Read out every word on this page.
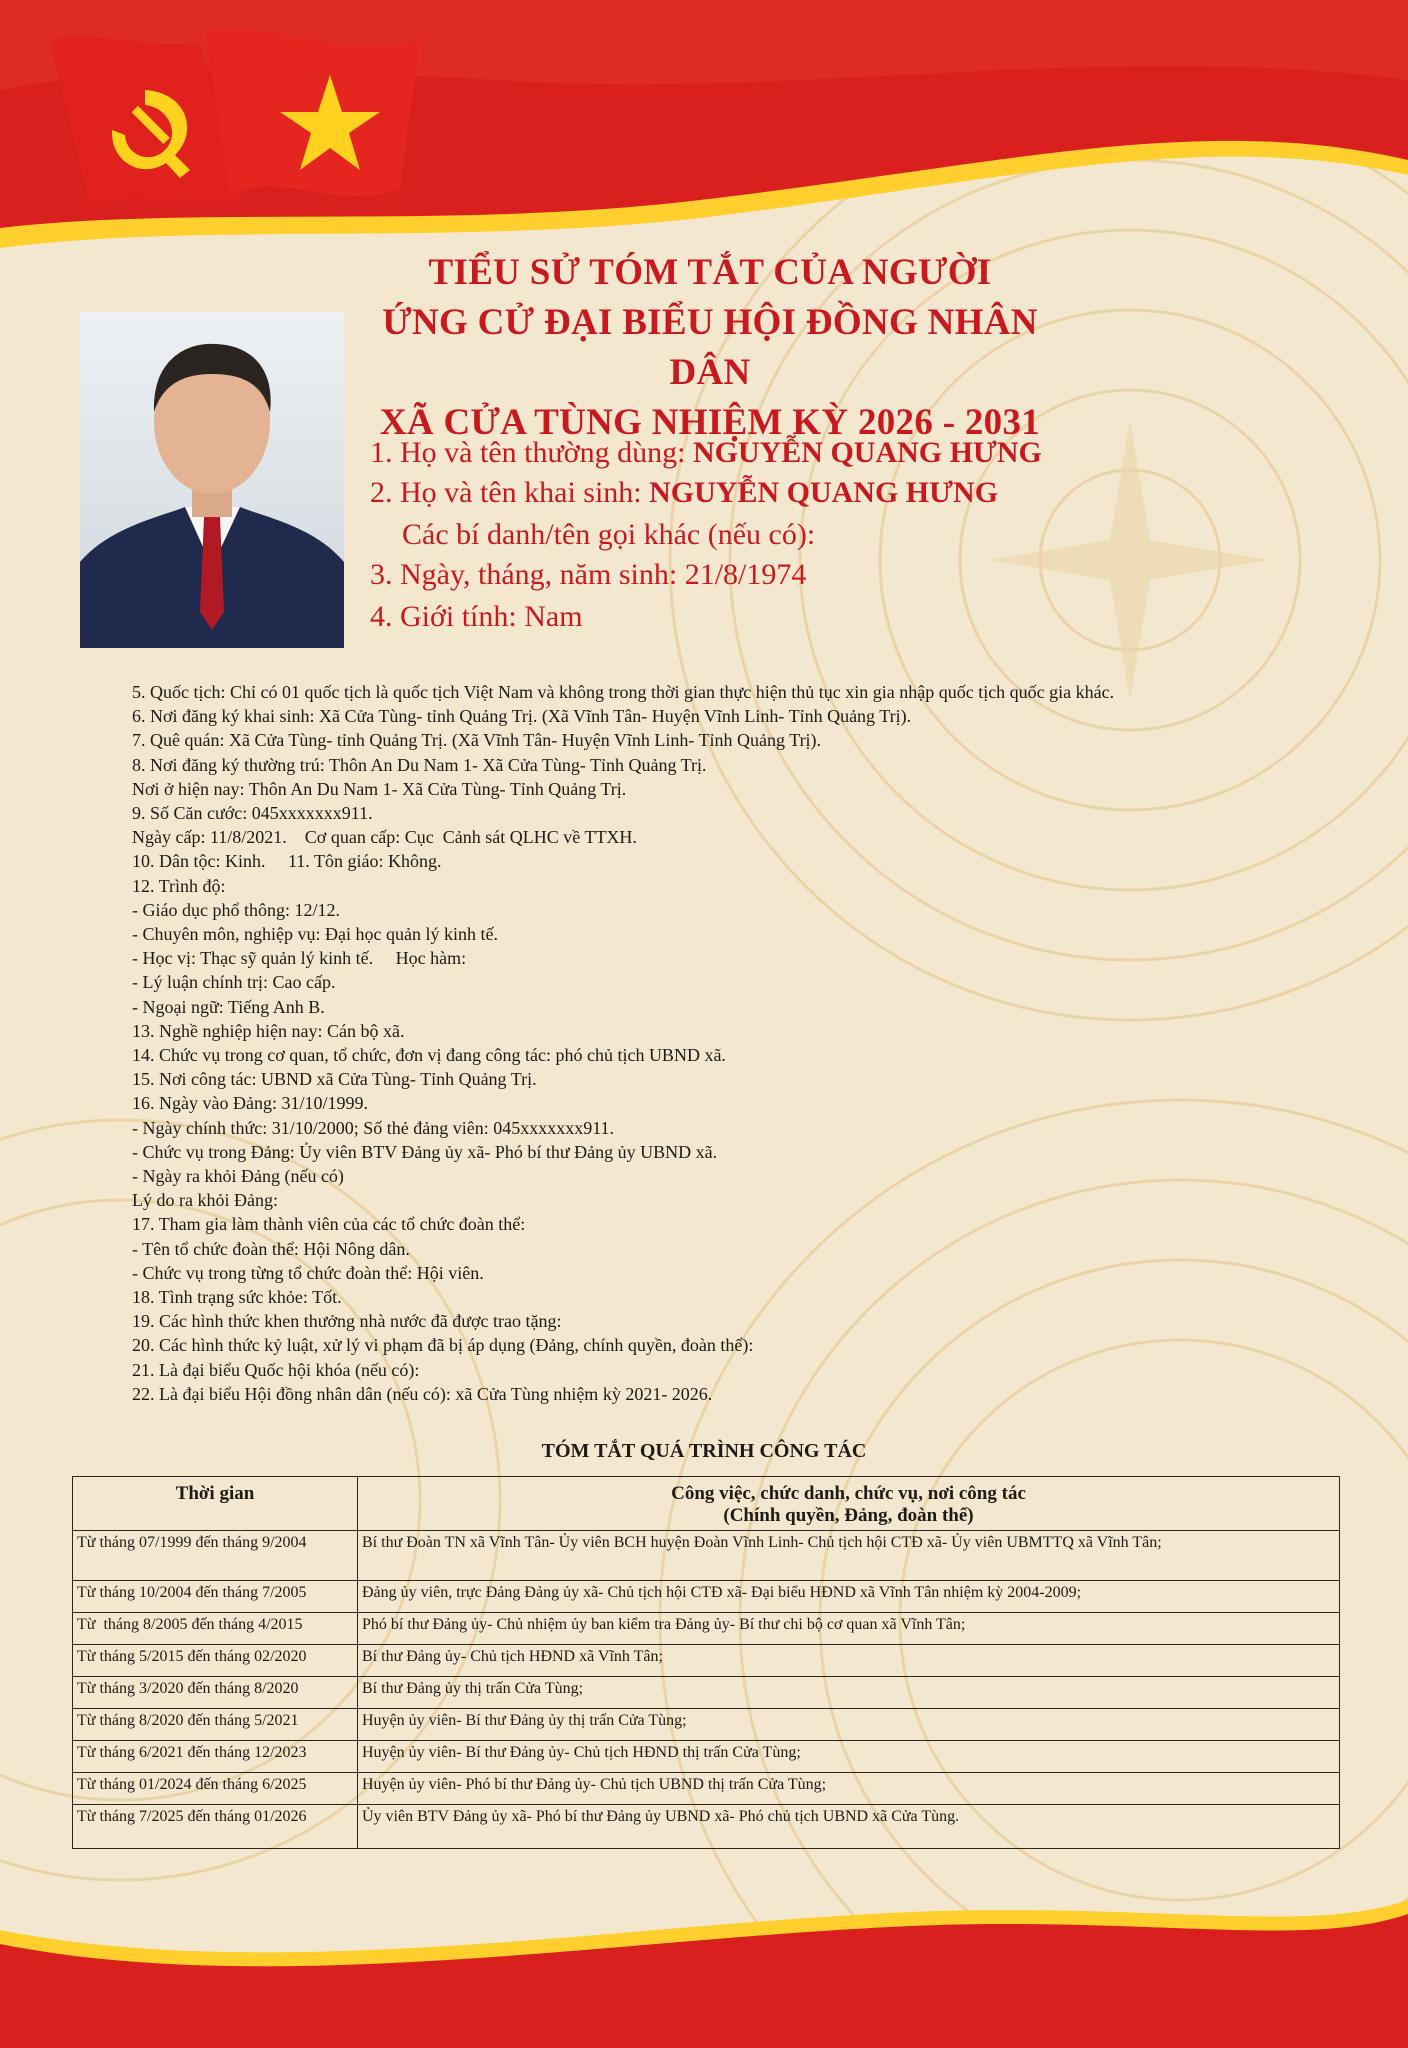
TIỂU SỬ TÓM TẮT CỦA NGƯỜI
ỨNG CỬ ĐẠI BIỂU HỘI ĐỒNG NHÂN DÂN
XÃ CỬA TÙNG NHIỆM KỲ 2026 - 2031
1. Họ và tên thường dùng: NGUYỄN QUANG HƯNG
2. Họ và tên khai sinh: NGUYỄN QUANG HƯNG
Các bí danh/tên gọi khác (nếu có):
3. Ngày, tháng, năm sinh: 21/8/1974
4. Giới tính: Nam
5. Quốc tịch: Chỉ có 01 quốc tịch là quốc tịch Việt Nam và không trong thời gian thực hiện thủ tục xin gia nhập quốc tịch quốc gia khác.
6. Nơi đăng ký khai sinh: Xã Cửa Tùng- tỉnh Quảng Trị. (Xã Vĩnh Tân- Huyện Vĩnh Linh- Tỉnh Quảng Trị).
7. Quê quán: Xã Cửa Tùng- tỉnh Quảng Trị. (Xã Vĩnh Tân- Huyện Vĩnh Linh- Tỉnh Quảng Trị).
8. Nơi đăng ký thường trú: Thôn An Du Nam 1- Xã Cửa Tùng- Tỉnh Quảng Trị.
Nơi ở hiện nay: Thôn An Du Nam 1- Xã Cửa Tùng- Tỉnh Quảng Trị.
9. Số Căn cước: 045xxxxxxx911.
Ngày cấp: 11/8/2021.    Cơ quan cấp: Cục  Cảnh sát QLHC về TTXH.
10. Dân tộc: Kinh.     11. Tôn giáo: Không.
12. Trình độ:
- Giáo dục phổ thông: 12/12.
- Chuyên môn, nghiệp vụ: Đại học quản lý kinh tế.
- Học vị: Thạc sỹ quản lý kinh tế.     Học hàm:
- Lý luận chính trị: Cao cấp.
- Ngoại ngữ: Tiếng Anh B.
13. Nghề nghiệp hiện nay: Cán bộ xã.
14. Chức vụ trong cơ quan, tổ chức, đơn vị đang công tác: phó chủ tịch UBND xã.
15. Nơi công tác: UBND xã Cửa Tùng- Tỉnh Quảng Trị.
16. Ngày vào Đảng: 31/10/1999.
- Ngày chính thức: 31/10/2000; Số thẻ đảng viên: 045xxxxxxx911.
- Chức vụ trong Đảng: Ủy viên BTV Đảng ủy xã- Phó bí thư Đảng ủy UBND xã.
- Ngày ra khỏi Đảng (nếu có)
Lý do ra khỏi Đảng:
17. Tham gia làm thành viên của các tổ chức đoàn thể:
- Tên tổ chức đoàn thể: Hội Nông dân.
- Chức vụ trong từng tổ chức đoàn thể: Hội viên.
18. Tình trạng sức khỏe: Tốt.
19. Các hình thức khen thưởng nhà nước đã được trao tặng:
20. Các hình thức kỷ luật, xử lý vi phạm đã bị áp dụng (Đảng, chính quyền, đoàn thể):
21. Là đại biểu Quốc hội khóa (nếu có):
22. Là đại biểu Hội đồng nhân dân (nếu có): xã Cửa Tùng nhiệm kỳ 2021- 2026.
TÓM TẮT QUÁ TRÌNH CÔNG TÁC
Thời gian	Công việc, chức danh, chức vụ, nơi công tác
(Chính quyền, Đảng, đoàn thể)

Từ tháng 07/1999 đến tháng 9/2004	Bí thư Đoàn TN xã Vĩnh Tân- Ủy viên BCH huyện Đoàn Vĩnh Linh- Chủ tịch hội CTĐ xã- Ủy viên UBMTTQ xã Vĩnh Tân;
Từ tháng 10/2004 đến tháng 7/2005	Đảng ủy viên, trực Đảng Đảng ủy xã- Chủ tịch hội CTĐ xã- Đại biểu HĐND xã Vĩnh Tân nhiệm kỳ 2004-2009;
Từ  tháng 8/2005 đến tháng 4/2015	Phó bí thư Đảng ủy- Chủ nhiệm ủy ban kiểm tra Đảng ủy- Bí thư chi bộ cơ quan xã Vĩnh Tân;
Từ tháng 5/2015 đến tháng 02/2020	Bí thư Đảng ủy- Chủ tịch HĐND xã Vĩnh Tân;
Từ tháng 3/2020 đến tháng 8/2020	Bí thư Đảng ủy thị trấn Cửa Tùng;
Từ tháng 8/2020 đến tháng 5/2021	Huyện ủy viên- Bí thư Đảng ủy thị trấn Cửa Tùng;
Từ tháng 6/2021 đến tháng 12/2023	Huyện ủy viên- Bí thư Đảng ủy- Chủ tịch HĐND thị trấn Cửa Tùng;
Từ tháng 01/2024 đến tháng 6/2025	Huyện ủy viên- Phó bí thư Đảng ủy- Chủ tịch UBND thị trấn Cửa Tùng;
Từ tháng 7/2025 đến tháng 01/2026	Ủy viên BTV Đảng ủy xã- Phó bí thư Đảng ủy UBND xã- Phó chủ tịch UBND xã Cửa Tùng.
